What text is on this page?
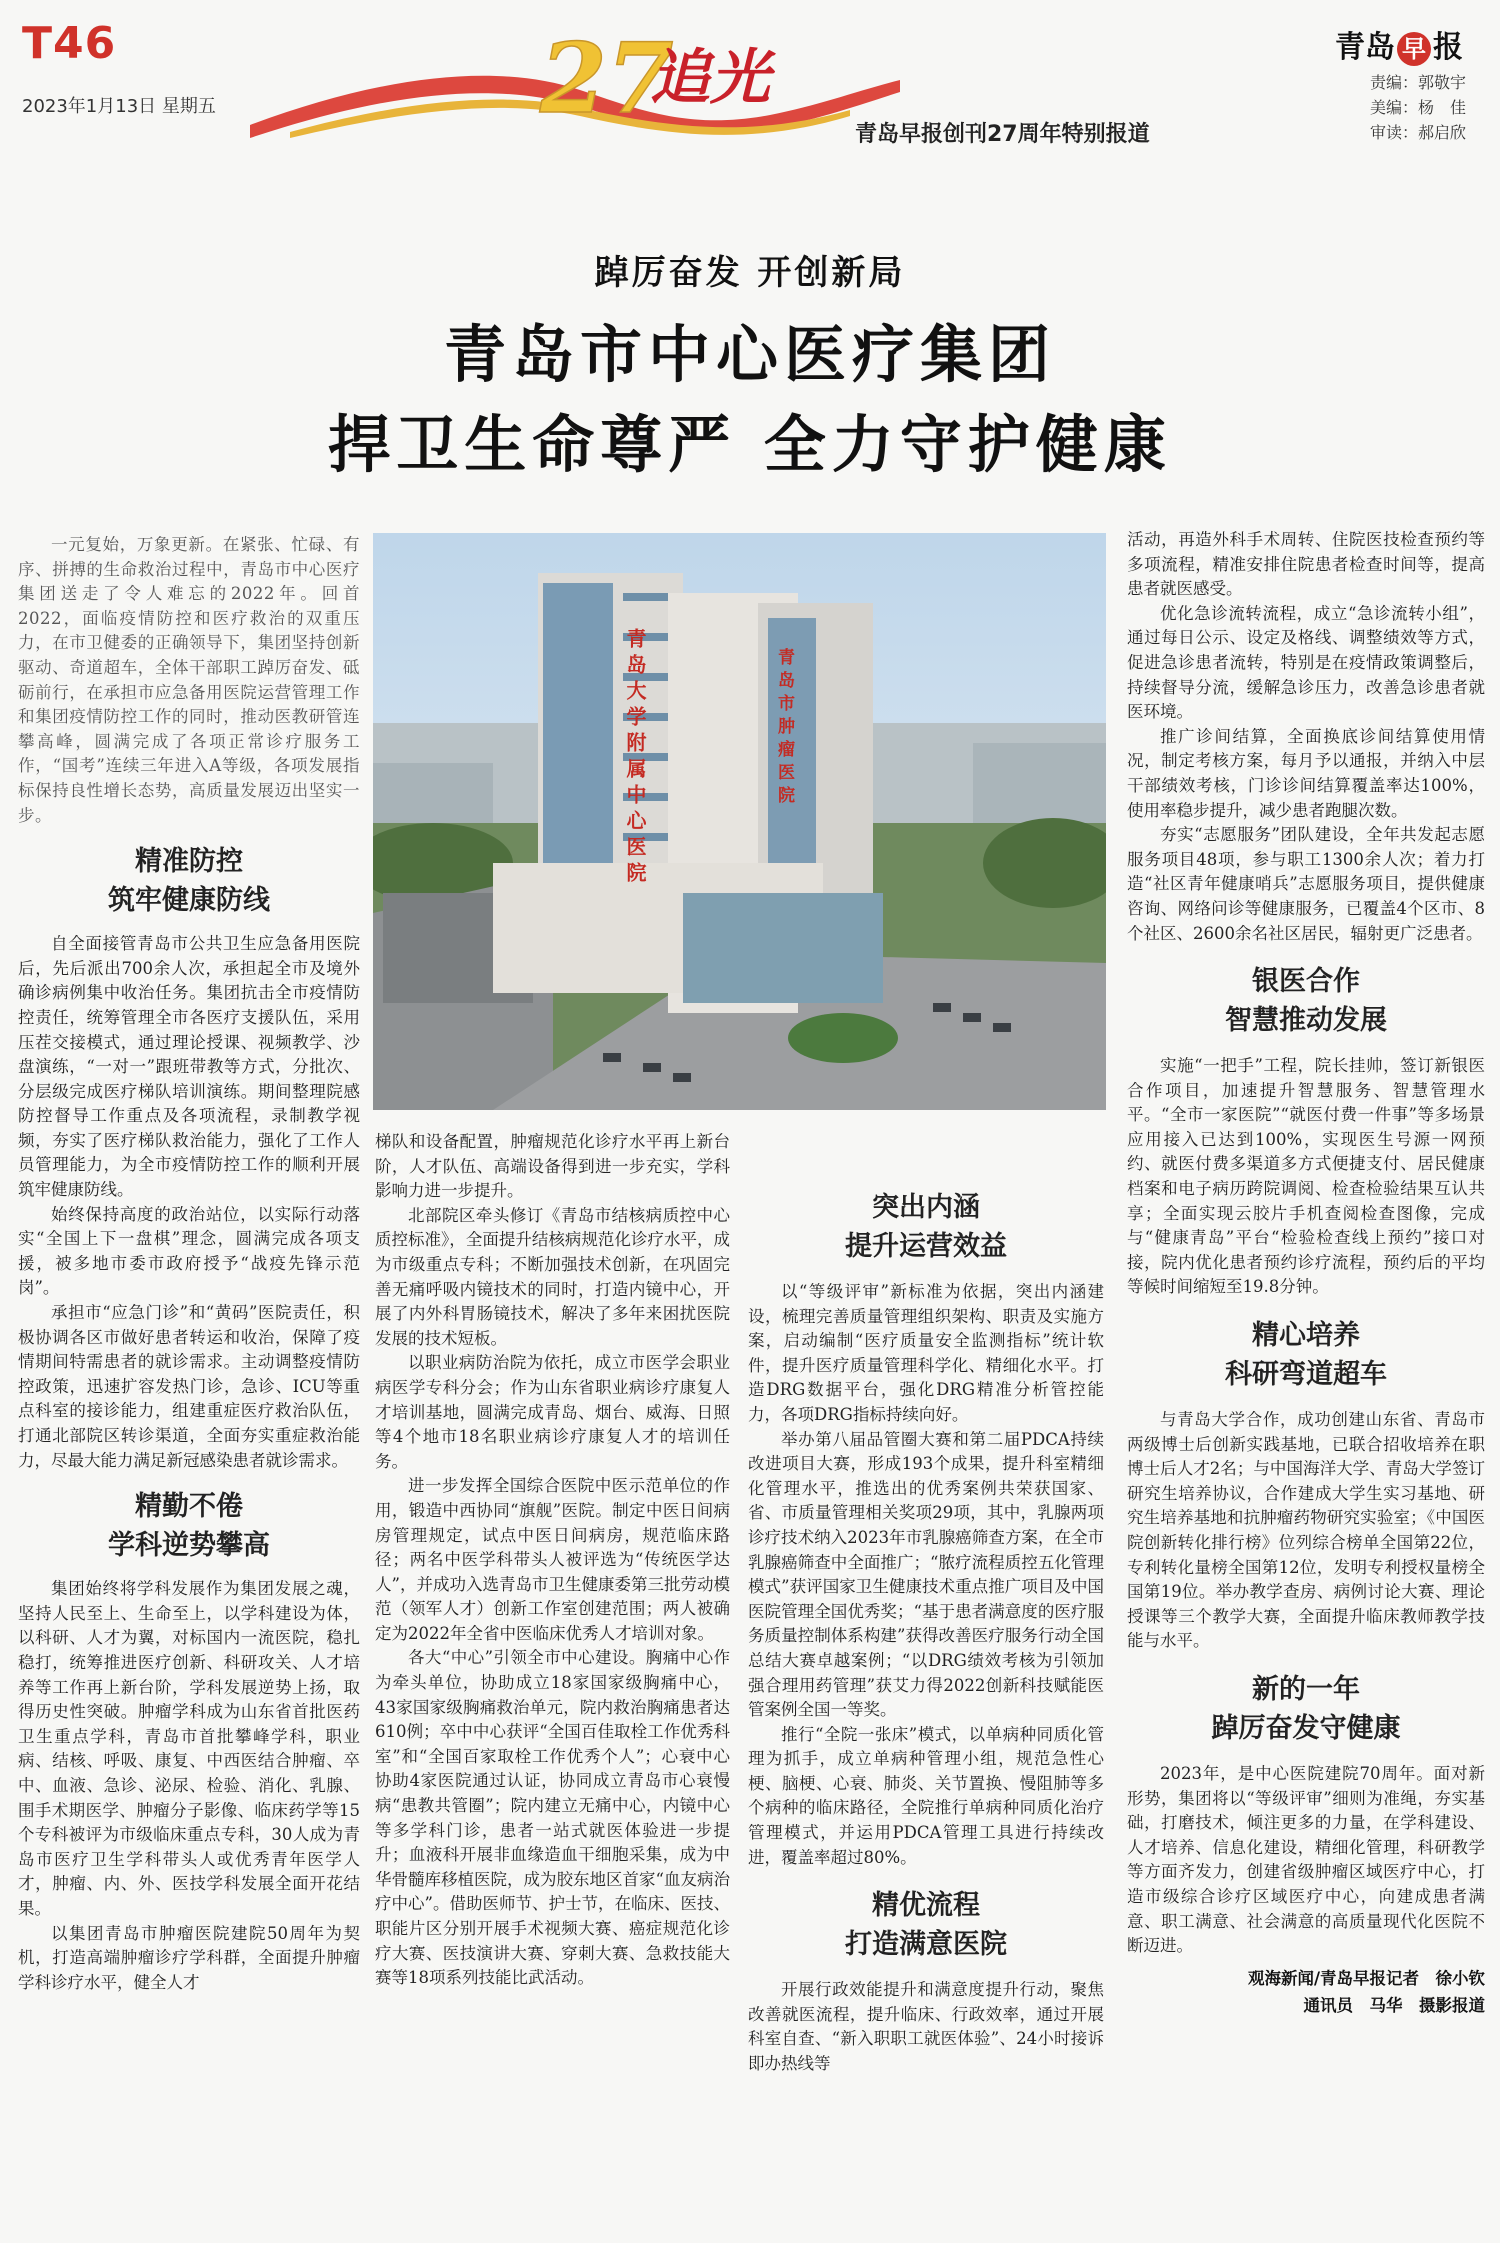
T46
2023年1月13日 星期五	27
追光
青岛早报创刊27周年特别报道
青岛 早 报
责编：郭敬宇
美编：杨　佳
审读：郝启欣
踔厉奋发 开创新局
青岛市中心医疗集团
捍卫生命尊严 全力守护健康
青岛大学附属中心医院	青岛市肿瘤医院

一元复始，万象更新。在紧张、忙碌、有序、拼搏的生命救治过程中，青岛市中心医疗集团送走了令人难忘的2022年。回首2022，面临疫情防控和医疗救治的双重压力，在市卫健委的正确领导下，集团坚持创新驱动、奇道超车，全体干部职工踔厉奋发、砥砺前行，在承担市应急备用医院运营管理工作和集团疫情防控工作的同时，推动医教研管连攀高峰，圆满完成了各项正常诊疗服务工作，“国考”连续三年进入A等级，各项发展指标保持良性增长态势，高质量发展迈出坚实一步。

精准防控
筑牢健康防线

自全面接管青岛市公共卫生应急备用医院后，先后派出700余人次，承担起全市及境外确诊病例集中收治任务。集团抗击全市疫情防控责任，统筹管理全市各医疗支援队伍，采用压茬交接模式，通过理论授课、视频教学、沙盘演练，“一对一”跟班带教等方式，分批次、分层级完成医疗梯队培训演练。期间整理院感防控督导工作重点及各项流程，录制教学视频，夯实了医疗梯队救治能力，强化了工作人员管理能力，为全市疫情防控工作的顺利开展筑牢健康防线。

始终保持高度的政治站位，以实际行动落实“全国上下一盘棋”理念，圆满完成各项支援，被多地市委市政府授予“战疫先锋示范岗”。

承担市“应急门诊”和“黄码”医院责任，积极协调各区市做好患者转运和收治，保障了疫情期间特需患者的就诊需求。主动调整疫情防控政策，迅速扩容发热门诊，急诊、ICU等重点科室的接诊能力，组建重症医疗救治队伍，打通北部院区转诊渠道，全面夯实重症救治能力，尽最大能力满足新冠感染患者就诊需求。

精勤不倦
学科逆势攀高

集团始终将学科发展作为集团发展之魂，坚持人民至上、生命至上，以学科建设为体，以科研、人才为翼，对标国内一流医院，稳扎稳打，统筹推进医疗创新、科研攻关、人才培养等工作再上新台阶，学科发展逆势上扬，取得历史性突破。肿瘤学科成为山东省首批医药卫生重点学科，青岛市首批攀峰学科，职业病、结核、呼吸、康复、中西医结合肿瘤、卒中、血液、急诊、泌尿、检验、消化、乳腺、围手术期医学、肿瘤分子影像、临床药学等15个专科被评为市级临床重点专科，30人成为青岛市医疗卫生学科带头人或优秀青年医学人才，肿瘤、内、外、医技学科发展全面开花结果。

以集团青岛市肿瘤医院建院50周年为契机，打造高端肿瘤诊疗学科群，全面提升肿瘤学科诊疗水平，健全人才

梯队和设备配置，肿瘤规范化诊疗水平再上新台阶，人才队伍、高端设备得到进一步充实，学科影响力进一步提升。

北部院区牵头修订《青岛市结核病质控中心质控标准》，全面提升结核病规范化诊疗水平，成为市级重点专科；不断加强技术创新，在巩固完善无痛呼吸内镜技术的同时，打造内镜中心，开展了内外科胃肠镜技术，解决了多年来困扰医院发展的技术短板。

以职业病防治院为依托，成立市医学会职业病医学专科分会；作为山东省职业病诊疗康复人才培训基地，圆满完成青岛、烟台、威海、日照等4个地市18名职业病诊疗康复人才的培训任务。

进一步发挥全国综合医院中医示范单位的作用，锻造中西协同“旗舰”医院。制定中医日间病房管理规定，试点中医日间病房，规范临床路径；两名中医学科带头人被评选为“传统医学达人”，并成功入选青岛市卫生健康委第三批劳动模范（领军人才）创新工作室创建范围；两人被确定为2022年全省中医临床优秀人才培训对象。

各大“中心”引领全市中心建设。胸痛中心作为牵头单位，协助成立18家国家级胸痛中心，43家国家级胸痛救治单元，院内救治胸痛患者达610例；卒中中心获评“全国百佳取栓工作优秀科室”和“全国百家取栓工作优秀个人”；心衰中心协助4家医院通过认证，协同成立青岛市心衰慢病“患教共管圈”；院内建立无痛中心，内镜中心等多学科门诊，患者一站式就医体验进一步提升；血液科开展非血缘造血干细胞采集，成为中华骨髓库移植医院，成为胶东地区首家“血友病治疗中心”。借助医师节、护士节，在临床、医技、职能片区分别开展手术视频大赛、癌症规范化诊疗大赛、医技演讲大赛、穿刺大赛、急救技能大赛等18项系列技能比武活动。

突出内涵
提升运营效益

以“等级评审”新标准为依据，突出内涵建设，梳理完善质量管理组织架构、职责及实施方案，启动编制“医疗质量安全监测指标”统计软件，提升医疗质量管理科学化、精细化水平。打造DRG数据平台，强化DRG精准分析管控能力，各项DRG指标持续向好。

举办第八届品管圈大赛和第二届PDCA持续改进项目大赛，形成193个成果，提升科室精细化管理水平，推选出的优秀案例共荣获国家、省、市质量管理相关奖项29项，其中，乳腺两项诊疗技术纳入2023年市乳腺癌筛查方案，在全市乳腺癌筛查中全面推广；“脓疗流程质控五化管理模式”获评国家卫生健康技术重点推广项目及中国医院管理全国优秀奖；“基于患者满意度的医疗服务质量控制体系构建”获得改善医疗服务行动全国总结大赛卓越案例；“以DRG绩效考核为引领加强合理用药管理”获艾力得2022创新科技赋能医管案例全国一等奖。

推行“全院一张床”模式，以单病种同质化管理为抓手，成立单病种管理小组，规范急性心梗、脑梗、心衰、肺炎、关节置换、慢阻肺等多个病种的临床路径，全院推行单病种同质化治疗管理模式，并运用PDCA管理工具进行持续改进，覆盖率超过80%。

精优流程
打造满意医院

开展行政效能提升和满意度提升行动，聚焦改善就医流程，提升临床、行政效率，通过开展科室自查、“新入职职工就医体验”、24小时接诉即办热线等

活动，再造外科手术周转、住院医技检查预约等多项流程，精准安排住院患者检查时间等，提高患者就医感受。

优化急诊流转流程，成立“急诊流转小组”，通过每日公示、设定及格线、调整绩效等方式，促进急诊患者流转，特别是在疫情政策调整后，持续督导分流，缓解急诊压力，改善急诊患者就医环境。

推广诊间结算，全面换底诊间结算使用情况，制定考核方案，每月予以通报，并纳入中层干部绩效考核，门诊诊间结算覆盖率达100%，使用率稳步提升，减少患者跑腿次数。

夯实“志愿服务”团队建设，全年共发起志愿服务项目48项，参与职工1300余人次；着力打造“社区青年健康哨兵”志愿服务项目，提供健康咨询、网络问诊等健康服务，已覆盖4个区市、8个社区、2600余名社区居民，辐射更广泛患者。

银医合作
智慧推动发展

实施“一把手”工程，院长挂帅，签订新银医合作项目，加速提升智慧服务、智慧管理水平。“全市一家医院”“就医付费一件事”等多场景应用接入已达到100%，实现医生号源一网预约、就医付费多渠道多方式便捷支付、居民健康档案和电子病历跨院调阅、检查检验结果互认共享；全面实现云胶片手机查阅检查图像，完成与“健康青岛”平台“检验检查线上预约”接口对接，院内优化患者预约诊疗流程，预约后的平均等候时间缩短至19.8分钟。

精心培养
科研弯道超车

与青岛大学合作，成功创建山东省、青岛市两级博士后创新实践基地，已联合招收培养在职博士后人才2名；与中国海洋大学、青岛大学签订研究生培养协议，合作建成大学生实习基地、研究生培养基地和抗肿瘤药物研究实验室；《中国医院创新转化排行榜》位列综合榜单全国第22位，专利转化量榜全国第12位，发明专利授权量榜全国第19位。举办教学查房、病例讨论大赛、理论授课等三个教学大赛，全面提升临床教师教学技能与水平。

新的一年
踔厉奋发守健康

2023年，是中心医院建院70周年。面对新形势，集团将以“等级评审”细则为准绳，夯实基础，打磨技术，倾注更多的力量，在学科建设、人才培养、信息化建设，精细化管理，科研教学等方面齐发力，创建省级肿瘤区域医疗中心，打造市级综合诊疗区域医疗中心，向建成患者满意、职工满意、社会满意的高质量现代化医院不断迈进。

观海新闻/青岛早报记者　徐小钦
通讯员　马华　摄影报道
